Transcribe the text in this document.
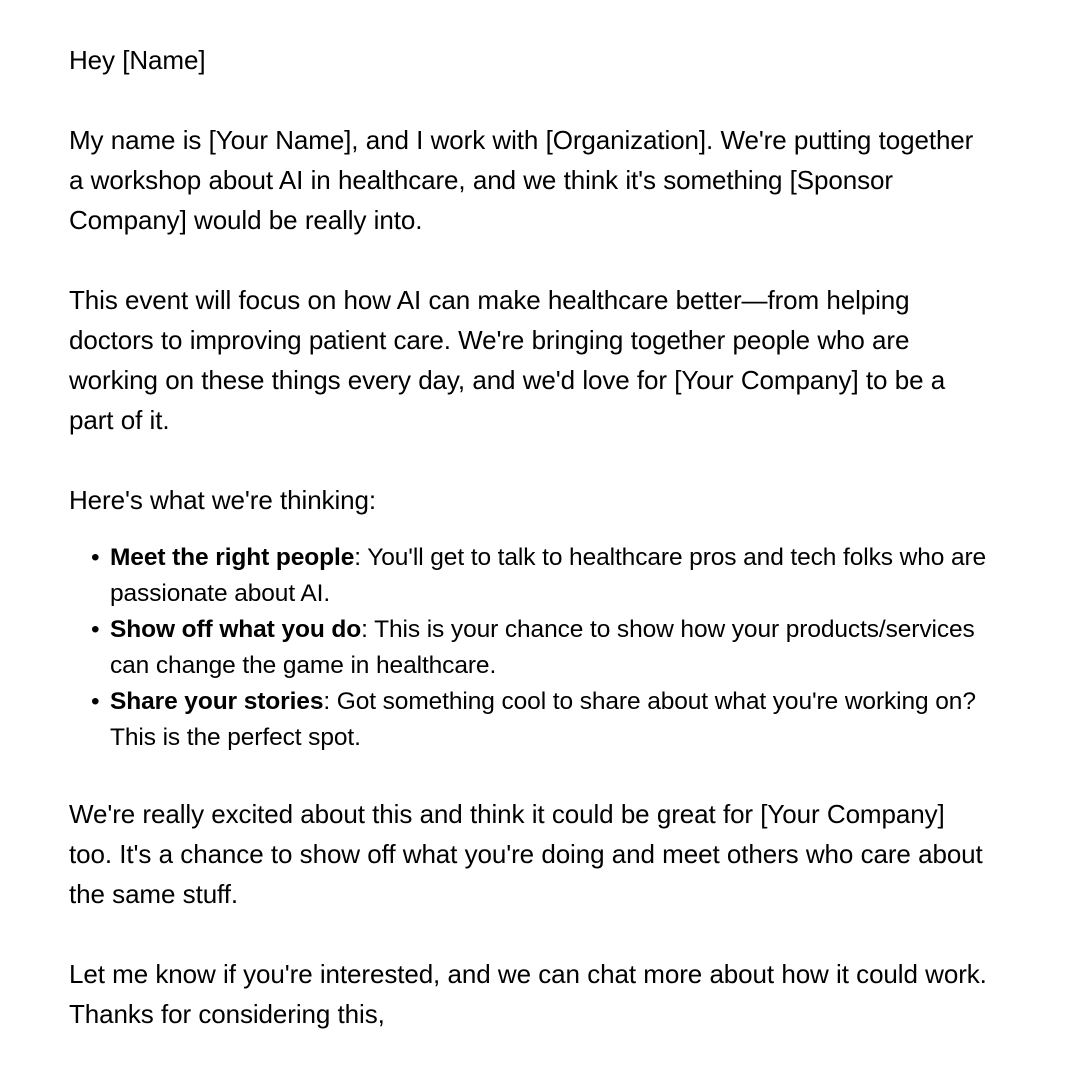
Hey [Name]

My name is [Your Name], and I work with [Organization]. We're putting together a workshop about AI in healthcare, and we think it's something [Sponsor Company] would be really into.

This event will focus on how AI can make healthcare better—from helping doctors to improving patient care. We're bringing together people who are working on these things every day, and we'd love for [Your Company] to be a part of it.

Here's what we're thinking:

• Meet the right people: You'll get to talk to healthcare pros and tech folks who are passionate about AI.
• Show off what you do: This is your chance to show how your products/services can change the game in healthcare.
• Share your stories: Got something cool to share about what you're working on? This is the perfect spot.

We're really excited about this and think it could be great for [Your Company] too. It's a chance to show off what you're doing and meet others who care about the same stuff.

Let me know if you're interested, and we can chat more about how it could work. Thanks for considering this,
